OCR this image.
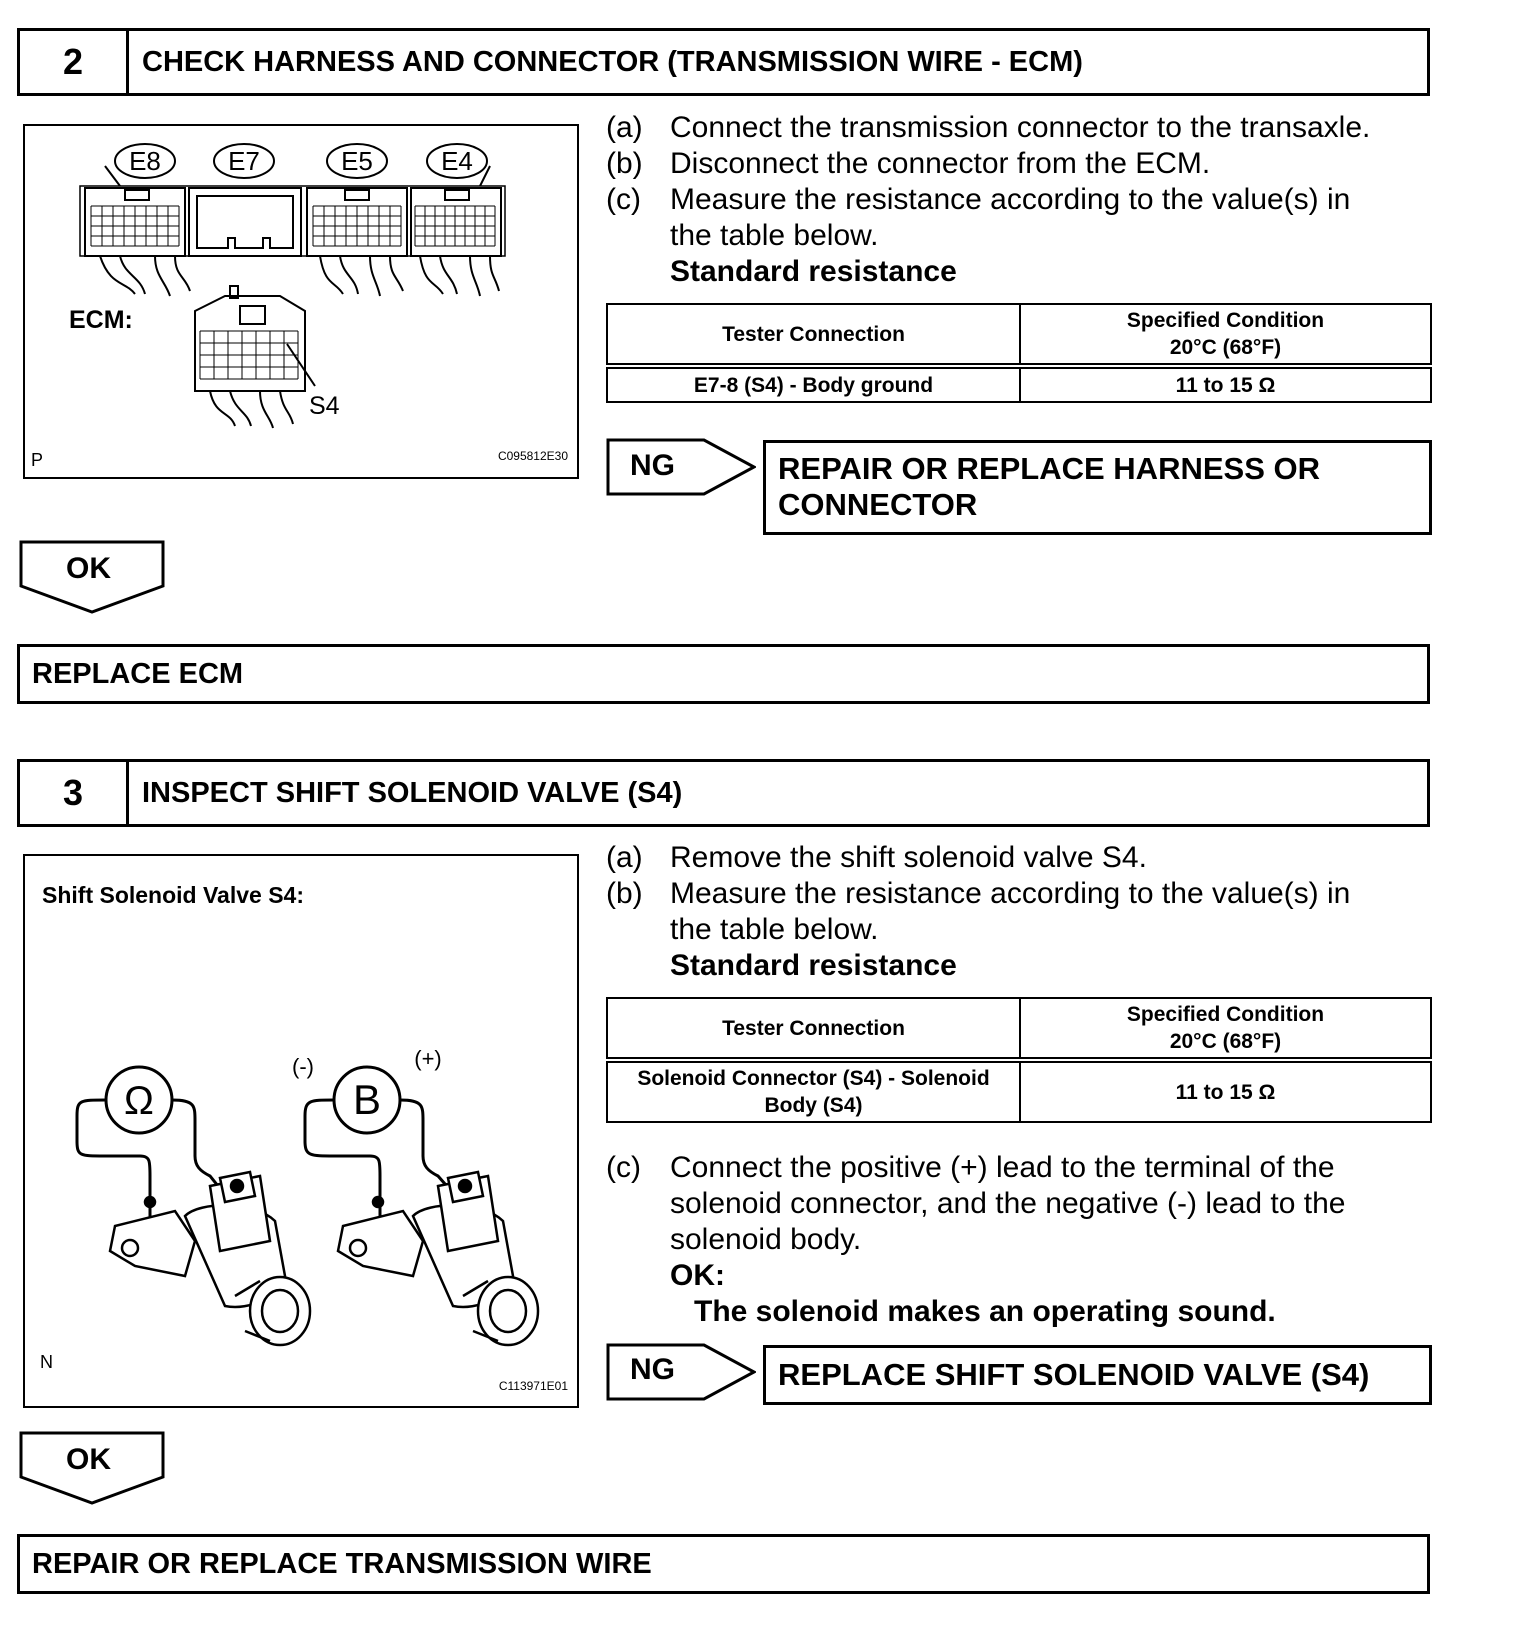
2	CHECK HARNESS AND CONNECTOR (TRANSMISSION WIRE - ECM)
E8	E7	E5	E4
ECM:
S4
P	C095812E30
(a) Connect the transmission connector to the transaxle.
(b) Disconnect the connector from the ECM.
(c) Measure the resistance according to the value(s) in the table below.
Standard resistance
Tester Connection	Specified Condition
20°C (68°F)

E7-8 (S4) - Body ground	11 to 15 Ω
NG	REPAIR OR REPLACE HARNESS OR CONNECTOR
OK
REPLACE ECM
3	INSPECT SHIFT SOLENOID VALVE (S4)
Shift Solenoid Valve S4:
Ω	B
(-)	(+)
N
C113971E01
(a) Remove the shift solenoid valve S4.
(b) Measure the resistance according to the value(s) in the table below.
Standard resistance
Tester Connection	Specified Condition
20°C (68°F)

Solenoid Connector (S4) - Solenoid Body (S4)	11 to 15 Ω
(c) Connect the positive (+) lead to the terminal of the solenoid connector, and the negative (-) lead to the solenoid body.
OK:
The solenoid makes an operating sound.
NG	REPLACE SHIFT SOLENOID VALVE (S4)
OK
REPAIR OR REPLACE TRANSMISSION WIRE
